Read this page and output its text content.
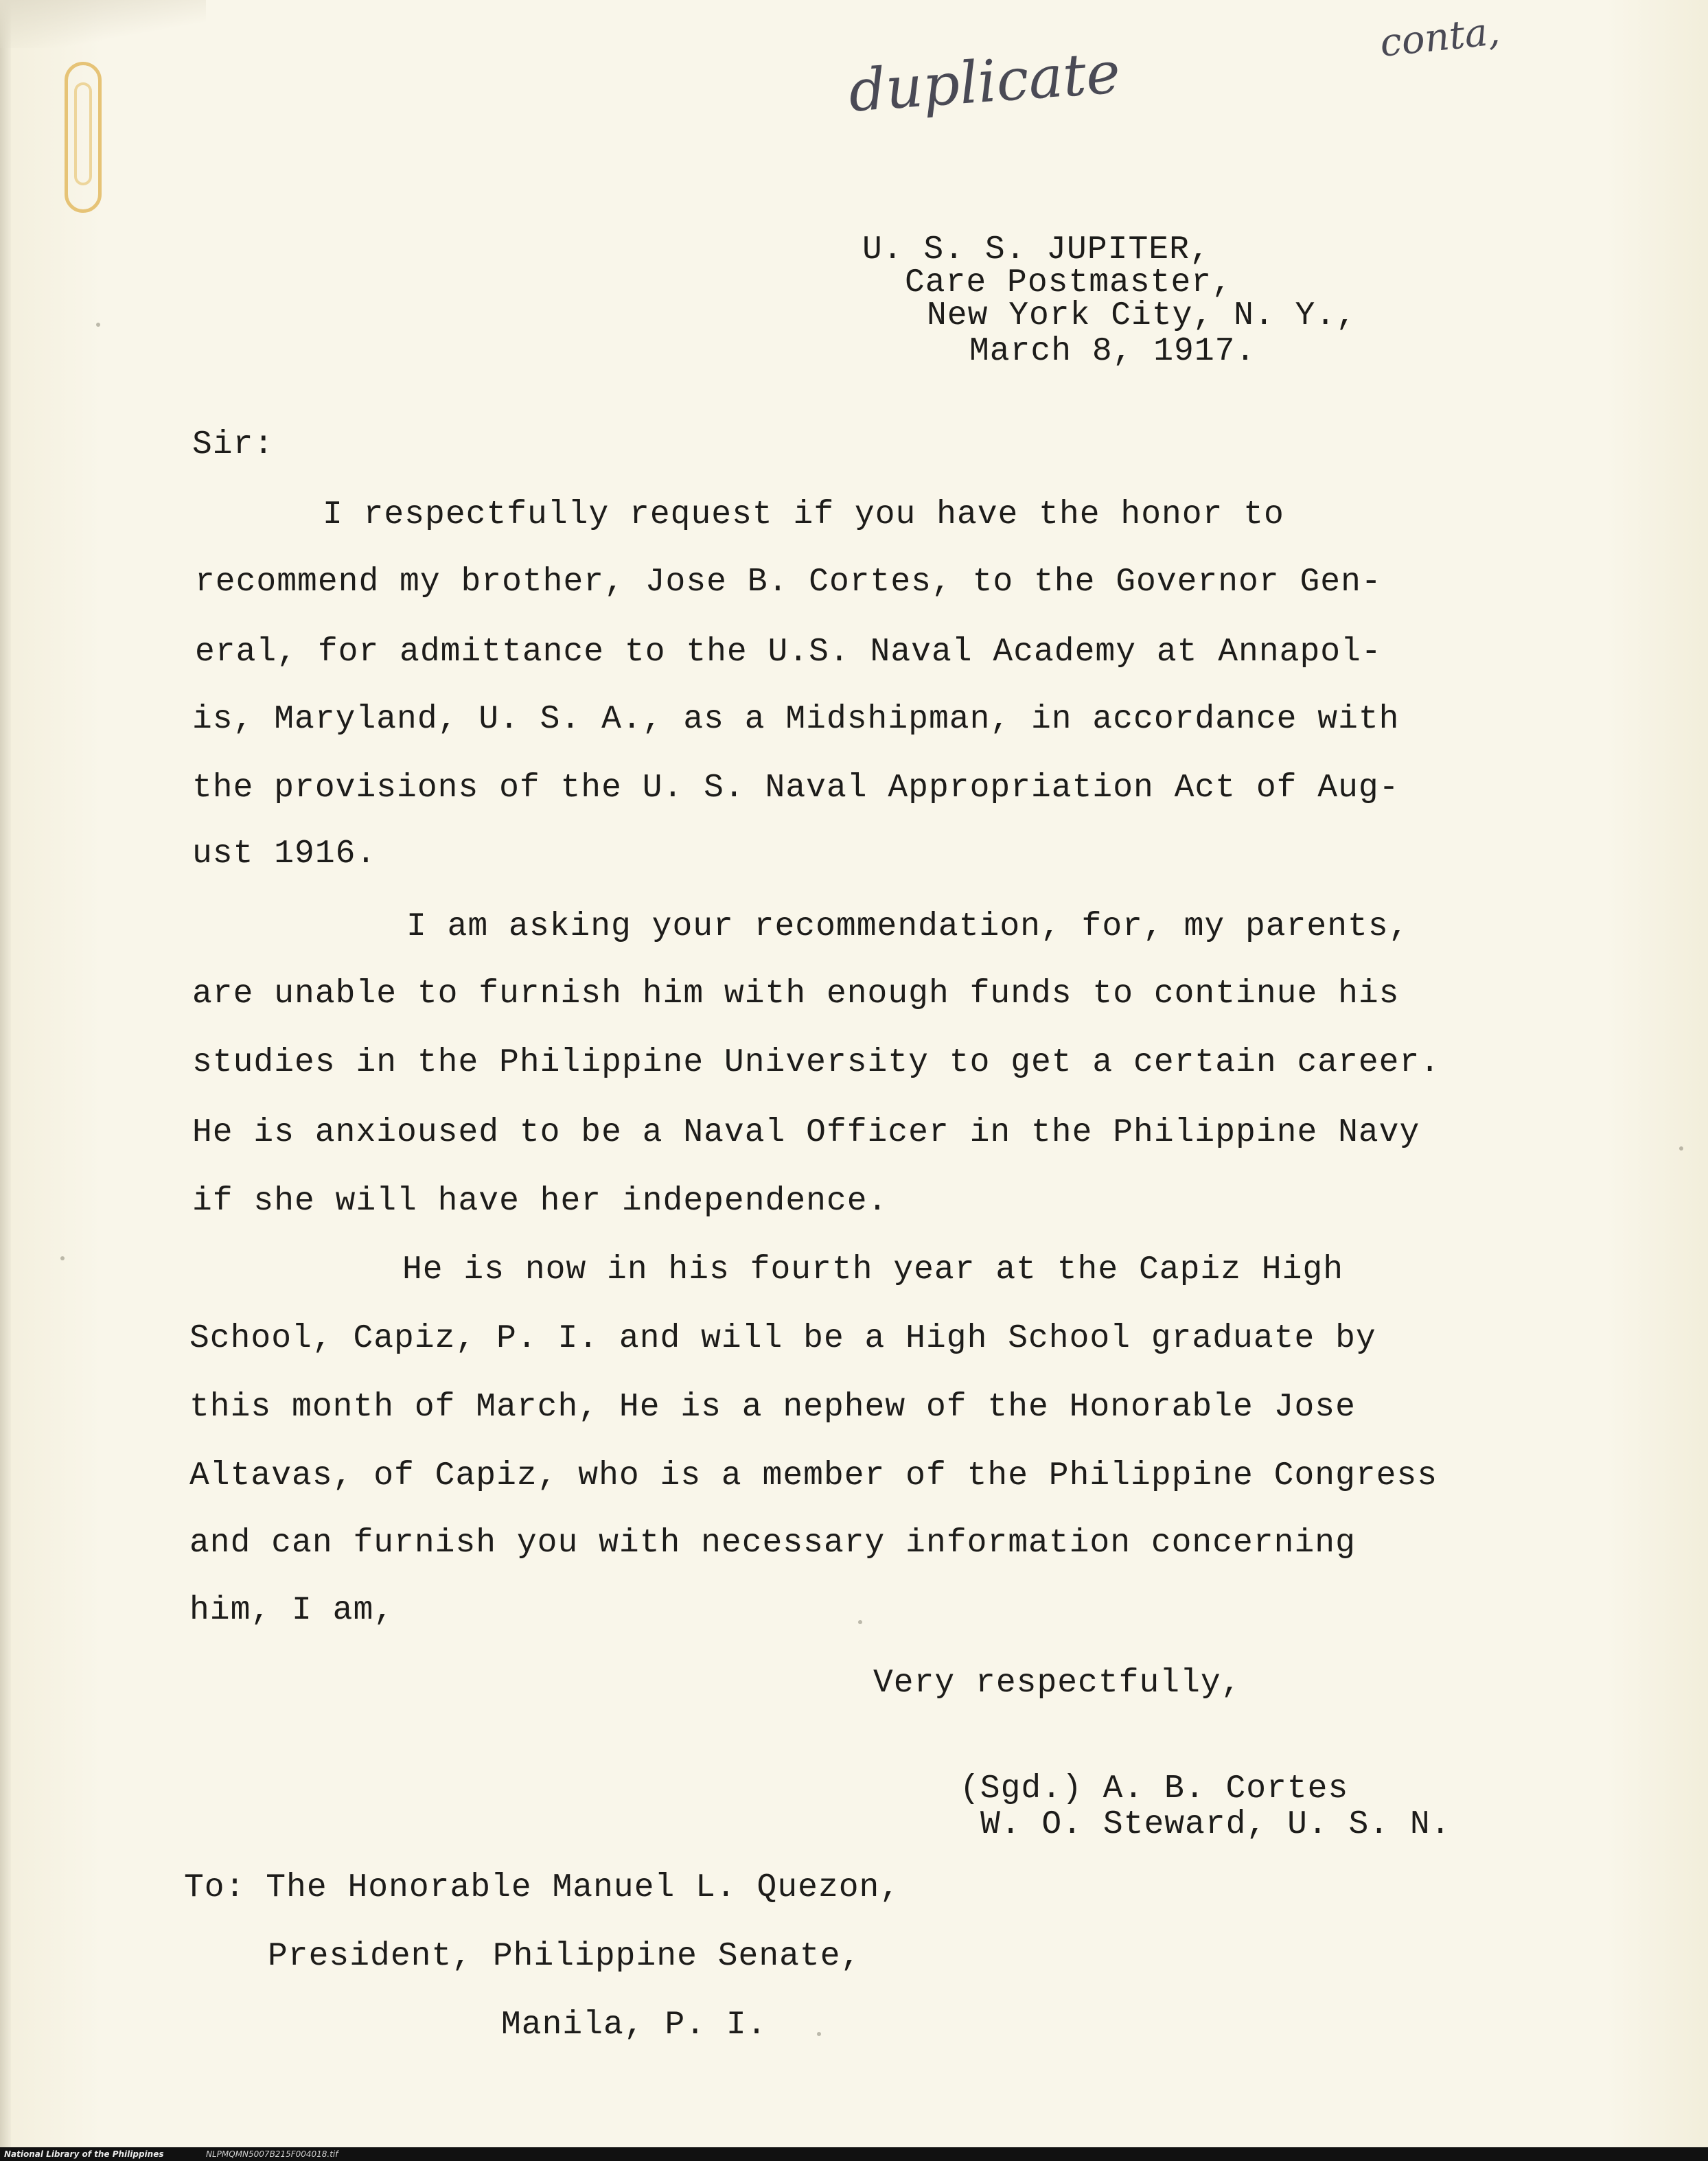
duplicate
conta,
U. S. S. JUPITER,
Care Postmaster,
New York City, N. Y.,
March 8, 1917.
Sir:
I respectfully request if you have the honor to
recommend my brother, Jose B. Cortes, to the Governor Gen-
eral, for admittance to the U.S. Naval Academy at Annapol-
is, Maryland, U. S. A., as a Midshipman, in accordance with
the provisions of the U. S. Naval Appropriation Act of Aug-
ust 1916.
I am asking your recommendation, for, my parents,
are unable to furnish him with enough funds to continue his
studies in the Philippine University to get a certain career.
He is anxioused to be a Naval Officer in the Philippine Navy
if she will have her independence.
He is now in his fourth year at the Capiz High
School, Capiz, P. I. and will be a High School graduate by
this month of March, He is a nephew of the Honorable Jose
Altavas, of Capiz, who is a member of the Philippine Congress
and can furnish you with necessary information concerning
him, I am,
Very respectfully,
(Sgd.) A. B. Cortes
W. O. Steward, U. S. N.
To: The Honorable Manuel L. Quezon,
President, Philippine Senate,
Manila, P. I.
National Library of the Philippines	NLPMQMN5007B215F004018.tif
